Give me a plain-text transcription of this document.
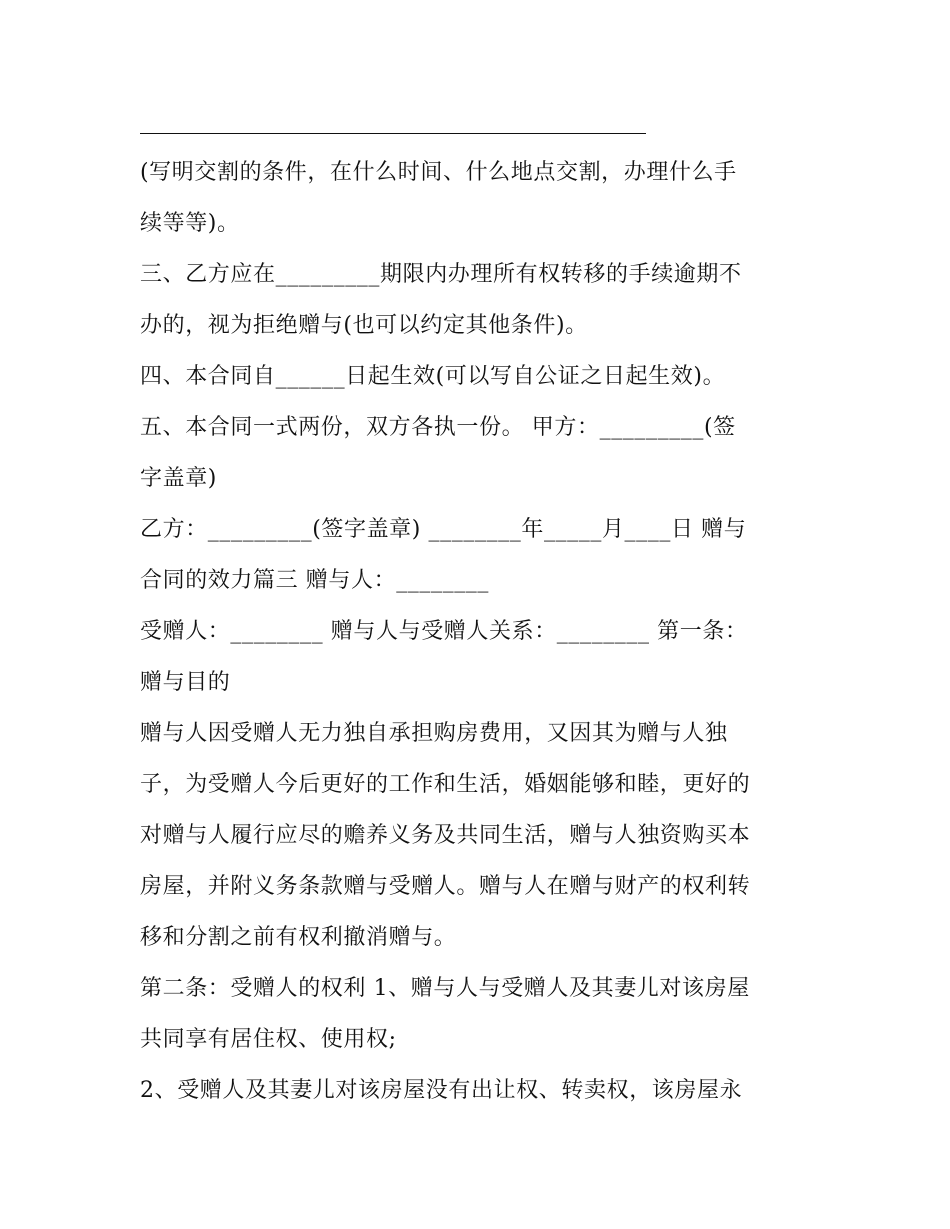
(写明交割的条件，在什么时间、什么地点交割，办理什么手
续等等)。
三、乙方应在_________期限内办理所有权转移的手续逾期不
办的，视为拒绝赠与(也可以约定其他条件)。
四、本合同自______日起生效(可以写自公证之日起生效)。
五、本合同一式两份，双方各执一份。 甲方：_________(签
字盖章)
乙方：_________(签字盖章) ________年_____月____日 赠与
合同的效力篇三 赠与人：________
受赠人：________ 赠与人与受赠人关系：________ 第一条：
赠与目的
赠与人因受赠人无力独自承担购房费用，又因其为赠与人独
子，为受赠人今后更好的工作和生活，婚姻能够和睦，更好的
对赠与人履行应尽的赡养义务及共同生活，赠与人独资购买本
房屋，并附义务条款赠与受赠人。赠与人在赠与财产的权利转
移和分割之前有权利撤消赠与。
第二条：受赠人的权利 1、赠与人与受赠人及其妻儿对该房屋
共同享有居住权、使用权;
2、受赠人及其妻儿对该房屋没有出让权、转卖权，该房屋永
